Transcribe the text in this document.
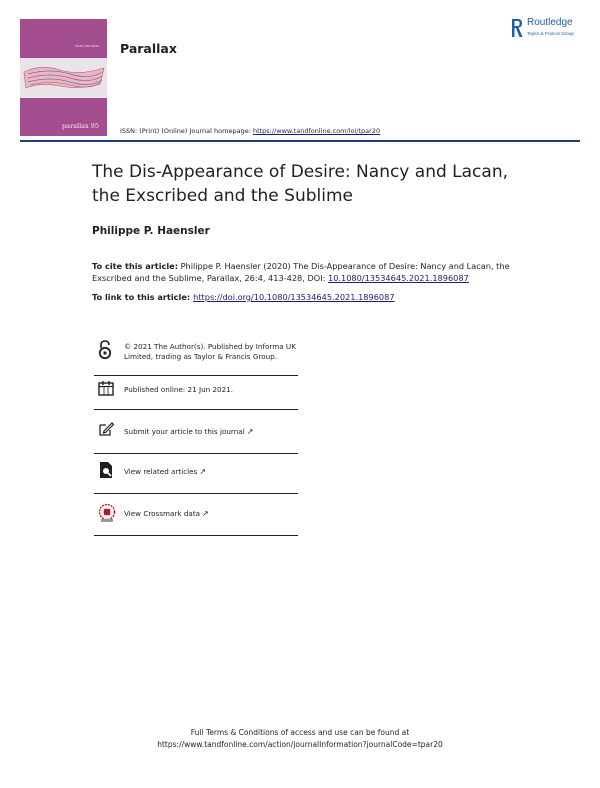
ISSN 1353-4645
parallax 95
Parallax
Routledge
Taylor & Francis Group
ISSN: (Print) (Online) Journal homepage: https://www.tandfonline.com/loi/tpar20
The Dis-Appearance of Desire: Nancy and Lacan,
the Exscribed and the Sublime
Philippe P. Haensler
To cite this article: Philippe P. Haensler (2020) The Dis-Appearance of Desire: Nancy and Lacan, the Exscribed and the Sublime, Parallax, 26:4, 413-428, DOI: 10.1080/13534645.2021.1896087
To link to this article: https://doi.org/10.1080/13534645.2021.1896087
© 2021 The Author(s). Published by Informa UK Limited, trading as Taylor & Francis Group.
Published online: 21 Jun 2021.
Submit your article to this journal ↗
View related articles ↗
View Crossmark data ↗
Full Terms & Conditions of access and use can be found at
https://www.tandfonline.com/action/journalInformation?journalCode=tpar20
